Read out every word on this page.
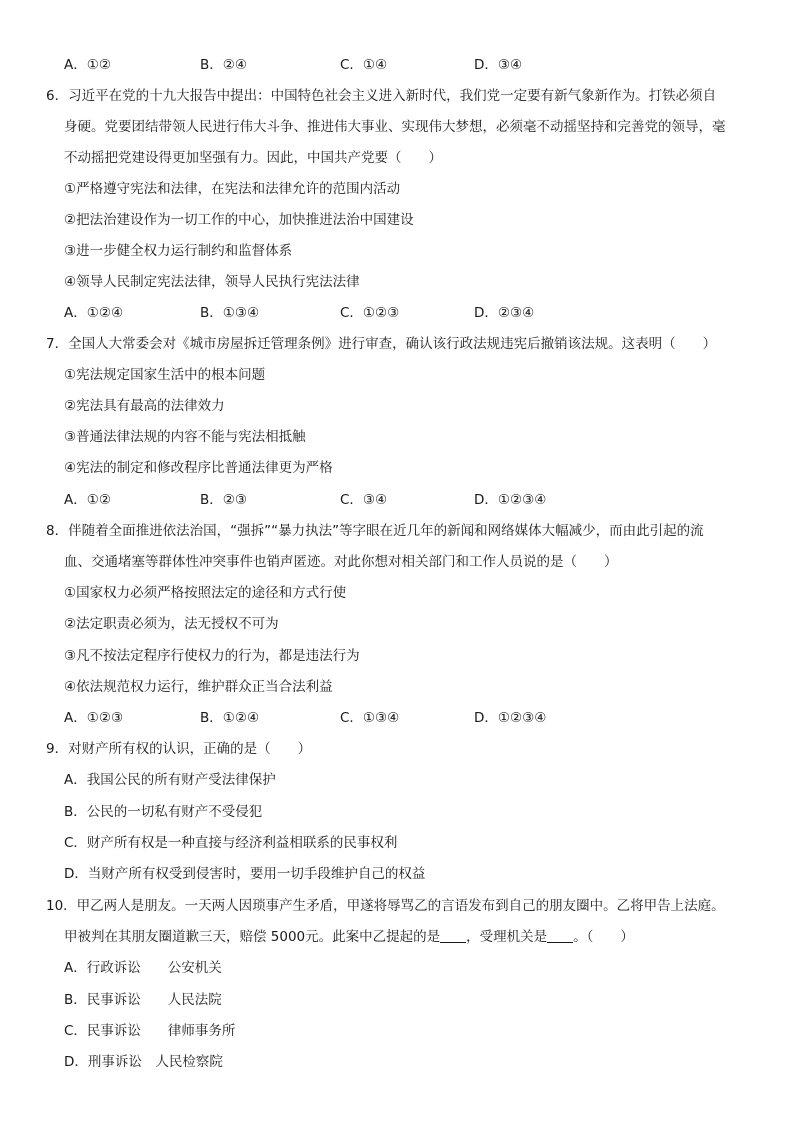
A．①②	B．②④	C．①④	D．③④
6．习近平在党的十九大报告中提出：中国特色社会主义进入新时代，我们党一定要有新气象新作为。打铁必须自
身硬。党要团结带领人民进行伟大斗争、推进伟大事业、实现伟大梦想，必须毫不动摇坚持和完善党的领导，毫
不动摇把党建设得更加坚强有力。因此，中国共产党要（　　）
①严格遵守宪法和法律，在宪法和法律允许的范围内活动
②把法治建设作为一切工作的中心，加快推进法治中国建设
③进一步健全权力运行制约和监督体系
④领导人民制定宪法法律，领导人民执行宪法法律
A．①②④	B．①③④	C．①②③	D．②③④
7．全国人大常委会对《城市房屋拆迁管理条例》进行审查，确认该行政法规违宪后撤销该法规。这表明（　　）
①宪法规定国家生活中的根本问题
②宪法具有最高的法律效力
③普通法律法规的内容不能与宪法相抵触
④宪法的制定和修改程序比普通法律更为严格
A．①②	B．②③	C．③④	D．①②③④
8．伴随着全面推进依法治国，“强拆”“暴力执法”等字眼在近几年的新闻和网络媒体大幅减少，而由此引起的流
血、交通堵塞等群体性冲突事件也销声匿迹。对此你想对相关部门和工作人员说的是（　　）
①国家权力必须严格按照法定的途径和方式行使
②法定职责必须为，法无授权不可为
③凡不按法定程序行使权力的行为，都是违法行为
④依法规范权力运行，维护群众正当合法利益
A．①②③	B．①②④	C．①③④	D．①②③④
9．对财产所有权的认识，正确的是（　　）
A．我国公民的所有财产受法律保护
B．公民的一切私有财产不受侵犯
C．财产所有权是一种直接与经济利益相联系的民事权利
D．当财产所有权受到侵害时，要用一切手段维护自己的权益
10．甲乙两人是朋友。一天两人因琐事产生矛盾，甲遂将辱骂乙的言语发布到自己的朋友圈中。乙将甲告上法庭。
甲被判在其朋友圈道歉三天，赔偿 5000元。此案中乙提起的是 ，受理机关是 。（　　）
A．行政诉讼　　公安机关
B．民事诉讼　　人民法院
C．民事诉讼　　律师事务所
D．刑事诉讼　人民检察院
